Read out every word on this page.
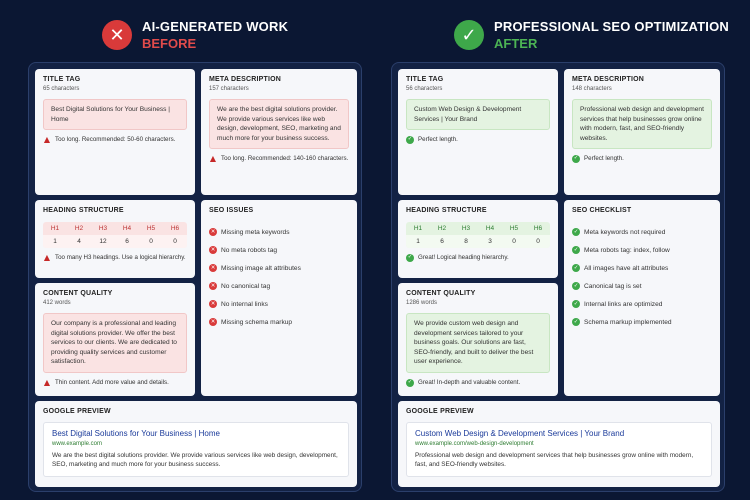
✕	AI-GENERATED WORK
BEFORE	✓	PROFESSIONAL SEO OPTIMIZATION
AFTER
TITLE TAG
65 characters
Best Digital Solutions for Your Business | Home
▲ Too long. Recommended: 50-60 characters.
META DESCRIPTION
157 characters
We are the best digital solutions provider. We provide various services like web design, development, SEO, marketing and much more for your business success.
▲ Too long. Recommended: 140-160 characters.
HEADING STRUCTURE
H1	H2	H3	H4	H5	H6
1	4	12	6	0	0
▲ Too many H3 headings. Use a logical hierarchy.
SEO ISSUES
✕ Missing meta keywords
✕ No meta robots tag
✕ Missing image alt attributes
✕ No canonical tag
✕ No internal links
✕ Missing schema markup
CONTENT QUALITY
412 words
Our company is a professional and leading digital solutions provider. We offer the best services to our clients. We are dedicated to providing quality services and customer satisfaction.
▲ Thin content. Add more value and details.
GOOGLE PREVIEW
Best Digital Solutions for Your Business | Home
www.example.com
We are the best digital solutions provider. We provide various services like web design, development, SEO, marketing and much more for your business success.
TITLE TAG
56 characters
Custom Web Design & Development Services | Your Brand
✓ Perfect length.
META DESCRIPTION
148 characters
Professional web design and development services that help businesses grow online with modern, fast, and SEO-friendly websites.
✓ Perfect length.
HEADING STRUCTURE
H1	H2	H3	H4	H5	H6
1	6	8	3	0	0
✓ Great! Logical heading hierarchy.
SEO CHECKLIST
✓ Meta keywords not required
✓ Meta robots tag: index, follow
✓ All images have alt attributes
✓ Canonical tag is set
✓ Internal links are optimized
✓ Schema markup implemented
CONTENT QUALITY
1286 words
We provide custom web design and development services tailored to your business goals. Our solutions are fast, SEO-friendly, and built to deliver the best user experience.
✓ Great! In-depth and valuable content.
GOOGLE PREVIEW
Custom Web Design & Development Services | Your Brand
www.example.com/web-design-development
Professional web design and development services that help businesses grow online with modern, fast, and SEO-friendly websites.
